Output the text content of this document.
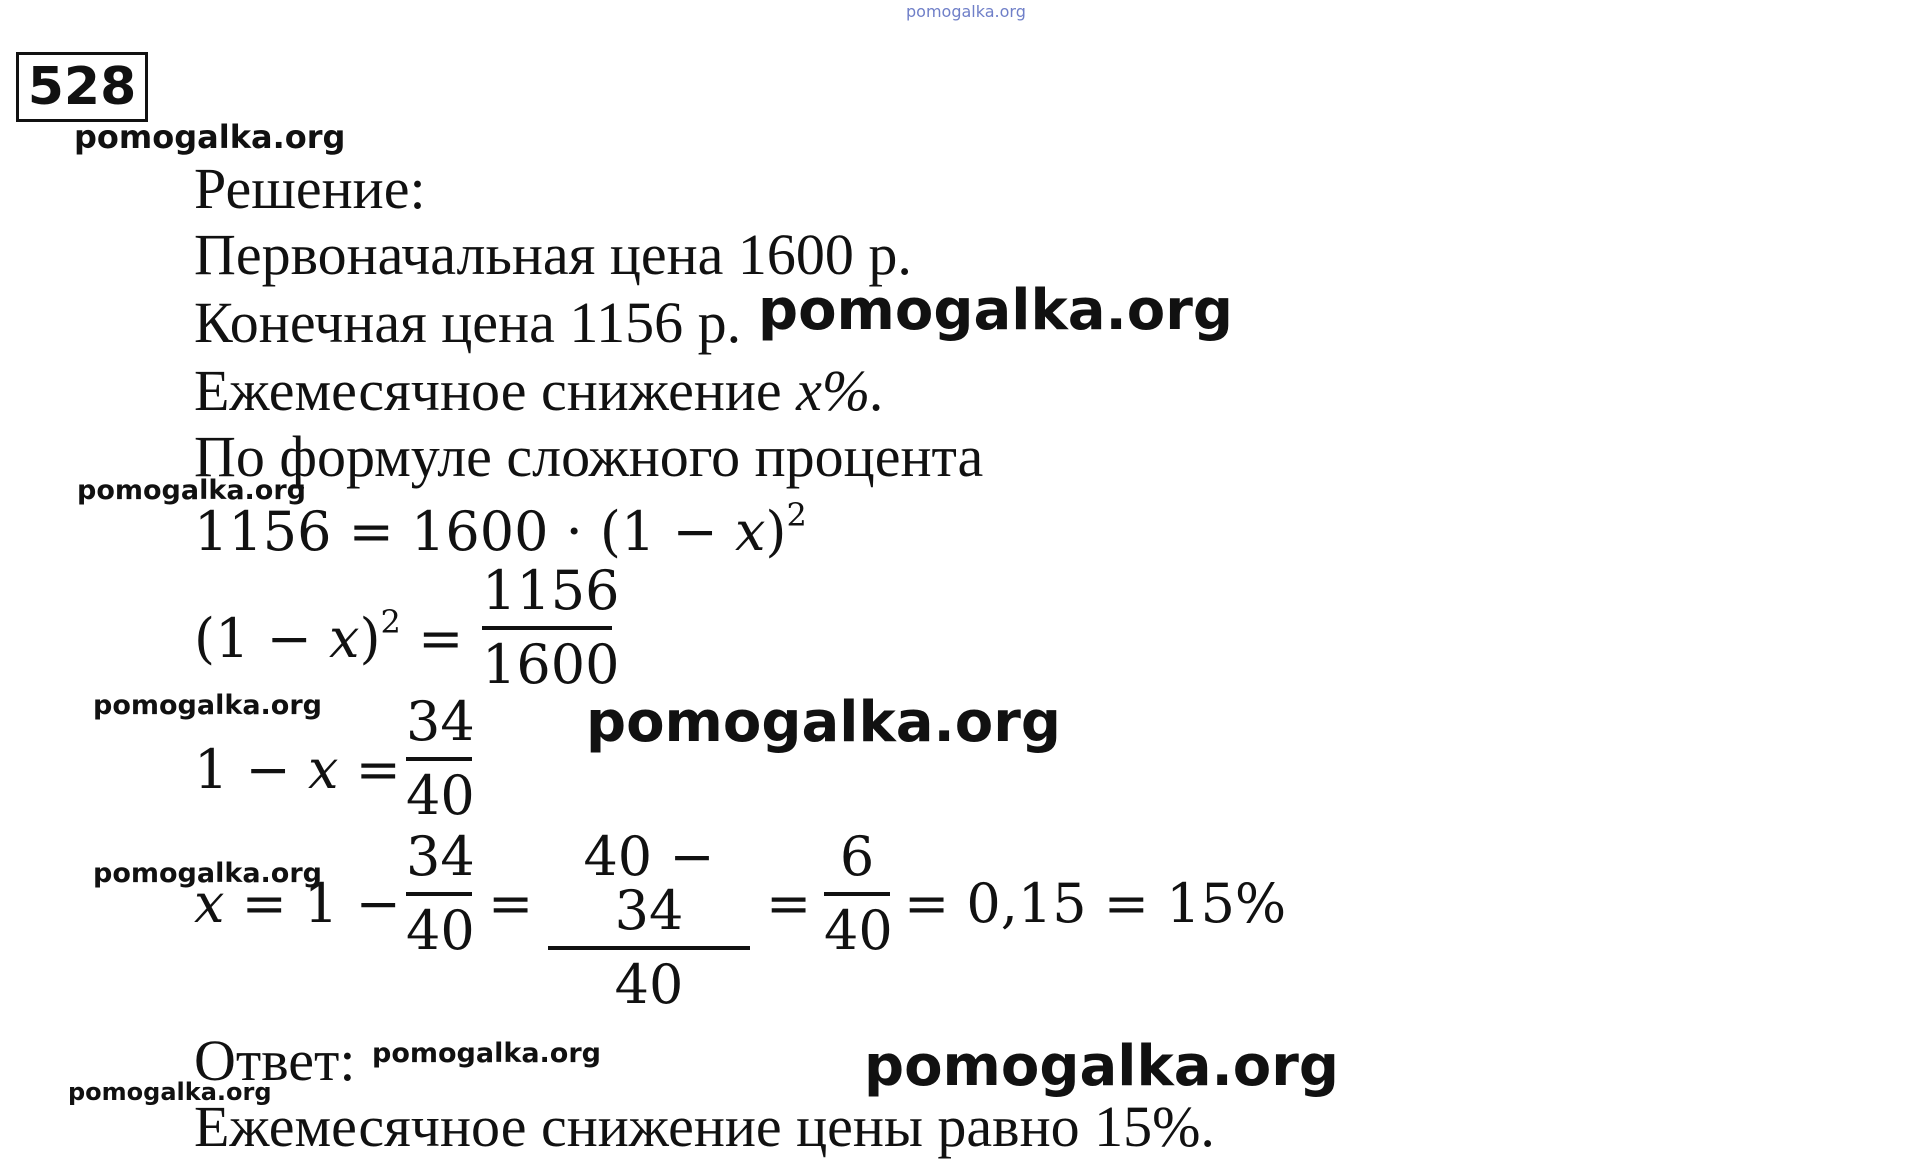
pomogalka.org
528
pomogalka.org
pomogalka.org
pomogalka.org
pomogalka.org	pomogalka.org
pomogalka.org
pomogalka.org	pomogalka.org
pomogalka.org
Решение:
Первоначальная цена 1600 р.
Конечная цена 1156 р.
Ежемесячное снижение x%.
По формуле сложного процента
$1156 = 1600 \cdot (1 - x)^2$
$(1 - x)^2$ =
1156
1600
1 − x =
34
40
x = 1 −
34
40 =
40 − 34
40
=
6
40 = 0,15 = 15%
Ответ:
Ежемесячное снижение цены равно 15%.
